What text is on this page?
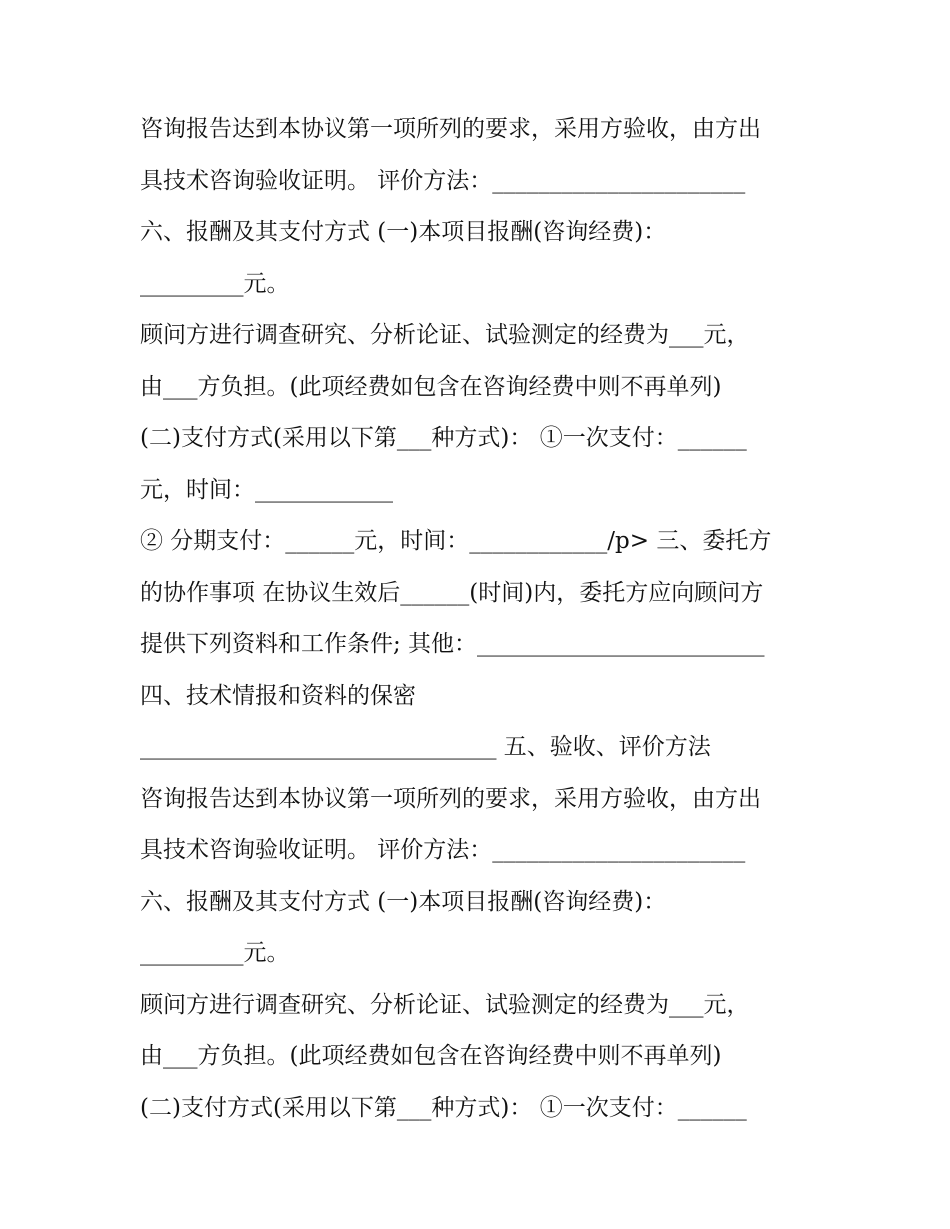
咨询报告达到本协议第一项所列的要求，采用方验收，由方出
具技术咨询验收证明。 评价方法：______________________
六、报酬及其支付方式 (一)本项目报酬(咨询经费)：
_________元。
顾问方进行调查研究、分析论证、试验测定的经费为___元，
由___方负担。(此项经费如包含在咨询经费中则不再单列)
(二)支付方式(采用以下第___种方式)： ①一次支付：______
元，时间：____________
② 分期支付：______元，时间：____________/p> 三、委托方
的协作事项 在协议生效后______(时间)内，委托方应向顾问方
提供下列资料和工作条件; 其他：_________________________
四、技术情报和资料的保密
_______________________________ 五、验收、评价方法
咨询报告达到本协议第一项所列的要求，采用方验收，由方出
具技术咨询验收证明。 评价方法：______________________
六、报酬及其支付方式 (一)本项目报酬(咨询经费)：
_________元。
顾问方进行调查研究、分析论证、试验测定的经费为___元，
由___方负担。(此项经费如包含在咨询经费中则不再单列)
(二)支付方式(采用以下第___种方式)： ①一次支付：______
